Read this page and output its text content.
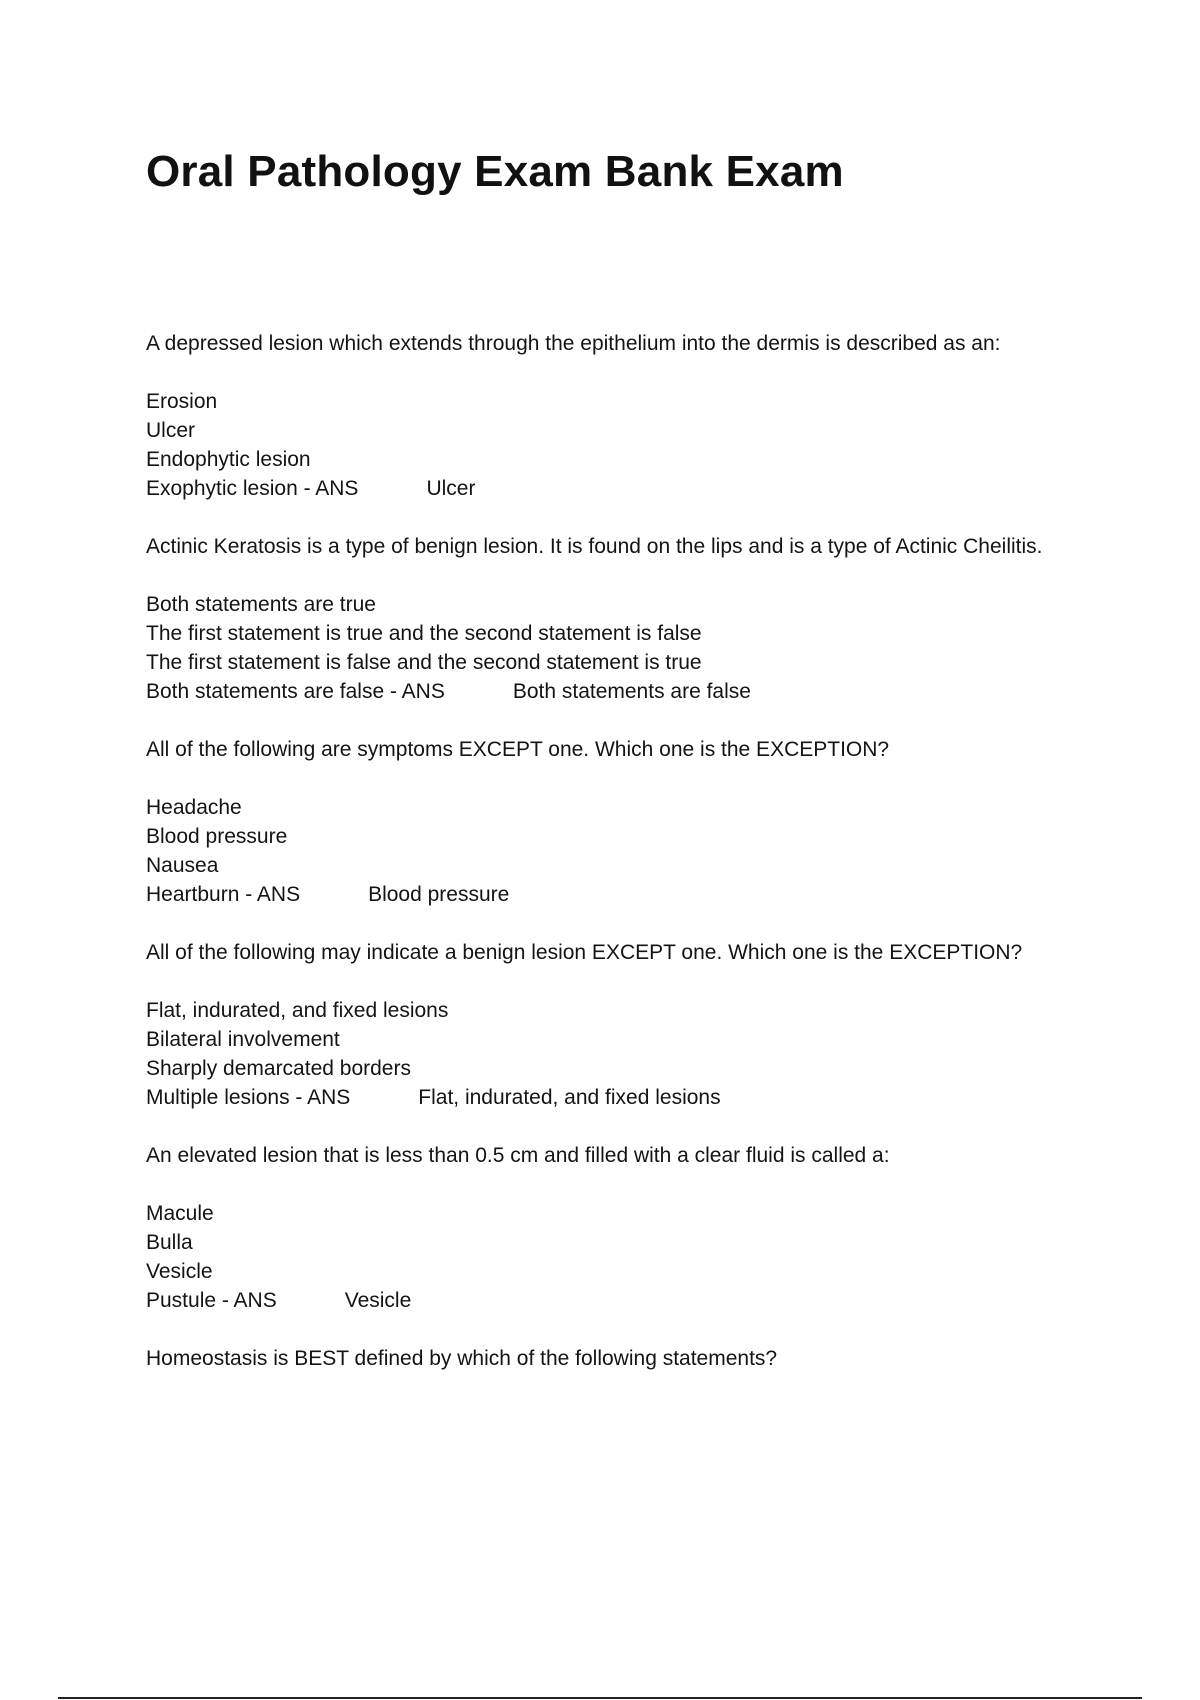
Oral Pathology Exam Bank Exam

A depressed lesion which extends through the epithelium into the dermis is described as an:

Erosion
Ulcer
Endophytic lesion
Exophytic lesion - ANS	Ulcer

Actinic Keratosis is a type of benign lesion. It is found on the lips and is a type of Actinic Cheilitis.

Both statements are true
The first statement is true and the second statement is false
The first statement is false and the second statement is true
Both statements are false - ANS	Both statements are false

All of the following are symptoms EXCEPT one. Which one is the EXCEPTION?

Headache
Blood pressure
Nausea
Heartburn - ANS	Blood pressure

All of the following may indicate a benign lesion EXCEPT one. Which one is the EXCEPTION?

Flat, indurated, and fixed lesions
Bilateral involvement
Sharply demarcated borders
Multiple lesions - ANS	Flat, indurated, and fixed lesions

An elevated lesion that is less than 0.5 cm and filled with a clear fluid is called a:

Macule
Bulla
Vesicle
Pustule - ANS	Vesicle

Homeostasis is BEST defined by which of the following statements?
